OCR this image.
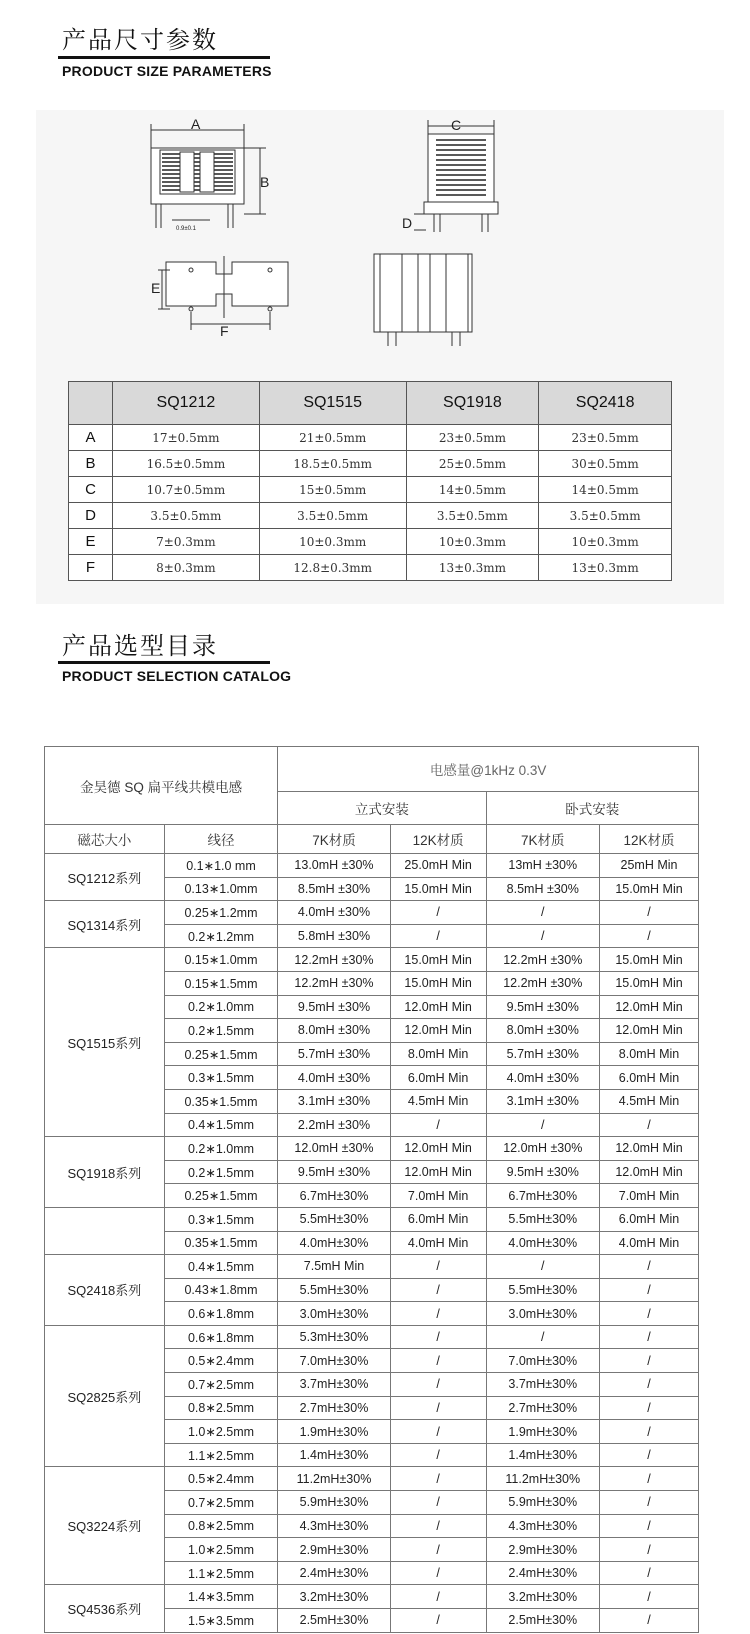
产品尺寸参数
PRODUCT SIZE PARAMETERS
A
B
0.9±0.1
C
D
E
F
	SQ1212	SQ1515	SQ1918	SQ2418
A	17±0.5mm	21±0.5mm	23±0.5mm	23±0.5mm
B	16.5±0.5mm	18.5±0.5mm	25±0.5mm	30±0.5mm
C	10.7±0.5mm	15±0.5mm	14±0.5mm	14±0.5mm
D	3.5±0.5mm	3.5±0.5mm	3.5±0.5mm	3.5±0.5mm
E	7±0.3mm	10±0.3mm	10±0.3mm	10±0.3mm
F	8±0.3mm	12.8±0.3mm	13±0.3mm	13±0.3mm
产品选型目录
PRODUCT SELECTION CATALOG
金昊德 SQ 扁平线共模电感		电感量@1kHz 0.3V			
		立式安装		卧式安装	
磁芯大小	线径	7K材质	12K材质	7K材质	12K材质
SQ1212系列	0.1∗1.0 mm	13.0mH ±30%	25.0mH Min	13mH ±30%	25mH Min
	0.13∗1.0mm	8.5mH ±30%	15.0mH Min	8.5mH ±30%	15.0mH Min
SQ1314系列	0.25∗1.2mm	4.0mH ±30%	/	/	/
	0.2∗1.2mm	5.8mH ±30%	/	/	/
SQ1515系列	0.15∗1.0mm	12.2mH ±30%	15.0mH Min	12.2mH ±30%	15.0mH Min
	0.15∗1.5mm	12.2mH ±30%	15.0mH Min	12.2mH ±30%	15.0mH Min
	0.2∗1.0mm	9.5mH ±30%	12.0mH Min	9.5mH ±30%	12.0mH Min
	0.2∗1.5mm	8.0mH ±30%	12.0mH Min	8.0mH ±30%	12.0mH Min
	0.25∗1.5mm	5.7mH ±30%	8.0mH Min	5.7mH ±30%	8.0mH Min
	0.3∗1.5mm	4.0mH ±30%	6.0mH Min	4.0mH ±30%	6.0mH Min
	0.35∗1.5mm	3.1mH ±30%	4.5mH Min	3.1mH ±30%	4.5mH Min
	0.4∗1.5mm	2.2mH ±30%	/	/	/
SQ1918系列	0.2∗1.0mm	12.0mH ±30%	12.0mH Min	12.0mH ±30%	12.0mH Min
	0.2∗1.5mm	9.5mH ±30%	12.0mH Min	9.5mH ±30%	12.0mH Min
	0.25∗1.5mm	6.7mH±30%	7.0mH Min	6.7mH±30%	7.0mH Min
	0.3∗1.5mm	5.5mH±30%	6.0mH Min	5.5mH±30%	6.0mH Min
	0.35∗1.5mm	4.0mH±30%	4.0mH Min	4.0mH±30%	4.0mH Min
SQ2418系列	0.4∗1.5mm	7.5mH Min	/	/	/
	0.43∗1.8mm	5.5mH±30%	/	5.5mH±30%	/
	0.6∗1.8mm	3.0mH±30%	/	3.0mH±30%	/
SQ2825系列	0.6∗1.8mm	5.3mH±30%	/	/	/
	0.5∗2.4mm	7.0mH±30%	/	7.0mH±30%	/
	0.7∗2.5mm	3.7mH±30%	/	3.7mH±30%	/
	0.8∗2.5mm	2.7mH±30%	/	2.7mH±30%	/
	1.0∗2.5mm	1.9mH±30%	/	1.9mH±30%	/
	1.1∗2.5mm	1.4mH±30%	/	1.4mH±30%	/
SQ3224系列	0.5∗2.4mm	11.2mH±30%	/	11.2mH±30%	/
	0.7∗2.5mm	5.9mH±30%	/	5.9mH±30%	/
	0.8∗2.5mm	4.3mH±30%	/	4.3mH±30%	/
	1.0∗2.5mm	2.9mH±30%	/	2.9mH±30%	/
	1.1∗2.5mm	2.4mH±30%	/	2.4mH±30%	/
SQ4536系列	1.4∗3.5mm	3.2mH±30%	/	3.2mH±30%	/
	1.5∗3.5mm	2.5mH±30%	/	2.5mH±30%	/
